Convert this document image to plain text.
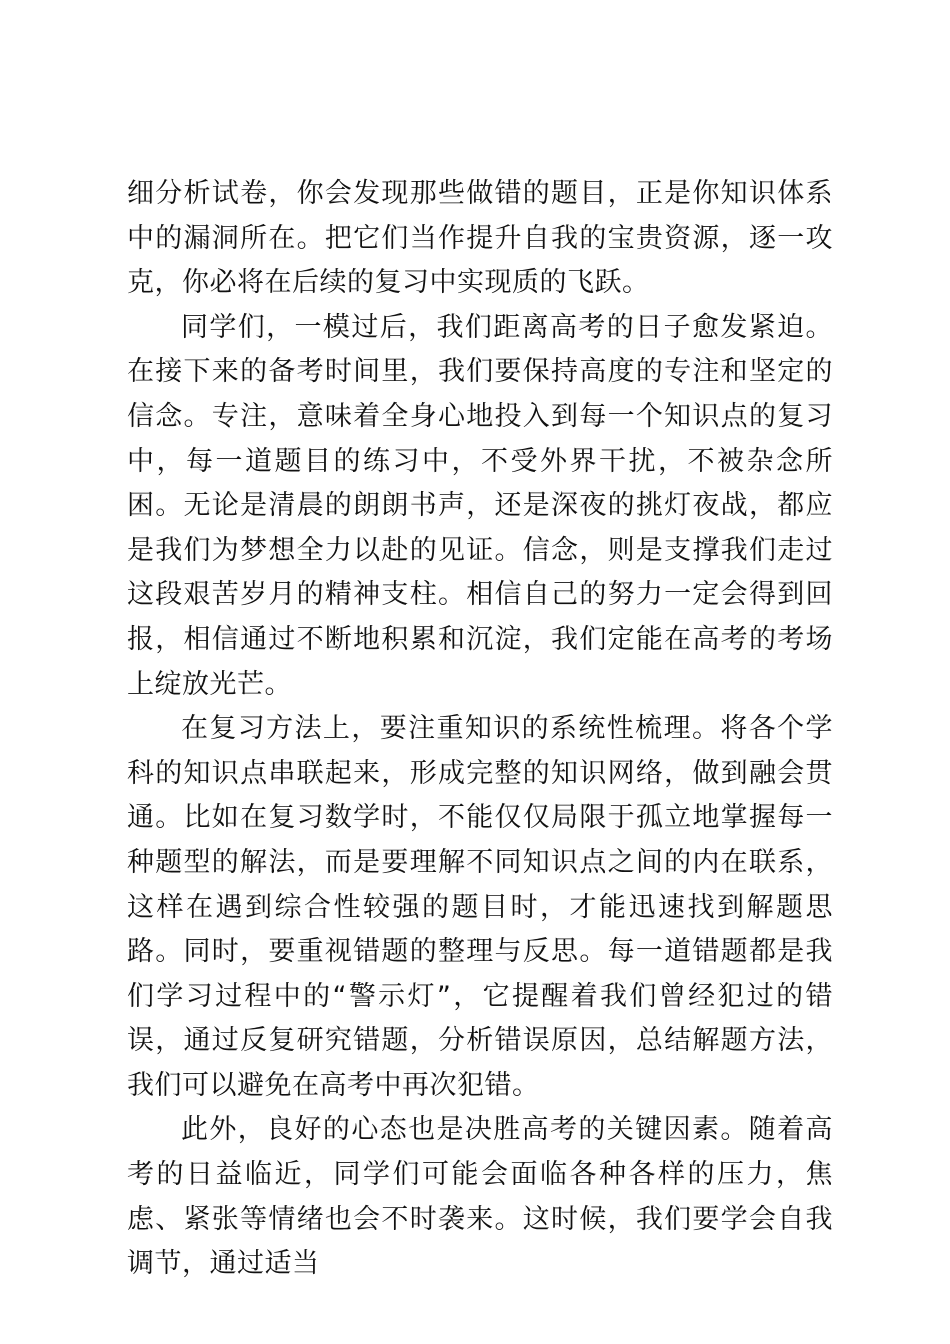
细分析试卷，你会发现那些做错的题目，正是你知识体系中的漏洞所在。把它们当作提升自我的宝贵资源，逐一攻克，你必将在后续的复习中实现质的飞跃。

同学们，一模过后，我们距离高考的日子愈发紧迫。在接下来的备考时间里，我们要保持高度的专注和坚定的信念。专注，意味着全身心地投入到每一个知识点的复习中，每一道题目的练习中，不受外界干扰，不被杂念所困。无论是清晨的朗朗书声，还是深夜的挑灯夜战，都应是我们为梦想全力以赴的见证。信念，则是支撑我们走过这段艰苦岁月的精神支柱。相信自己的努力一定会得到回报，相信通过不断地积累和沉淀，我们定能在高考的考场上绽放光芒。

在复习方法上，要注重知识的系统性梳理。将各个学科的知识点串联起来，形成完整的知识网络，做到融会贯通。比如在复习数学时，不能仅仅局限于孤立地掌握每一种题型的解法，而是要理解不同知识点之间的内在联系，这样在遇到综合性较强的题目时，才能迅速找到解题思路。同时，要重视错题的整理与反思。每一道错题都是我们学习过程中的“警示灯”，它提醒着我们曾经犯过的错误，通过反复研究错题，分析错误原因，总结解题方法，我们可以避免在高考中再次犯错。

此外，良好的心态也是决胜高考的关键因素。随着高考的日益临近，同学们可能会面临各种各样的压力，焦虑、紧张等情绪也会不时袭来。这时候，我们要学会自我调节，通过适当
